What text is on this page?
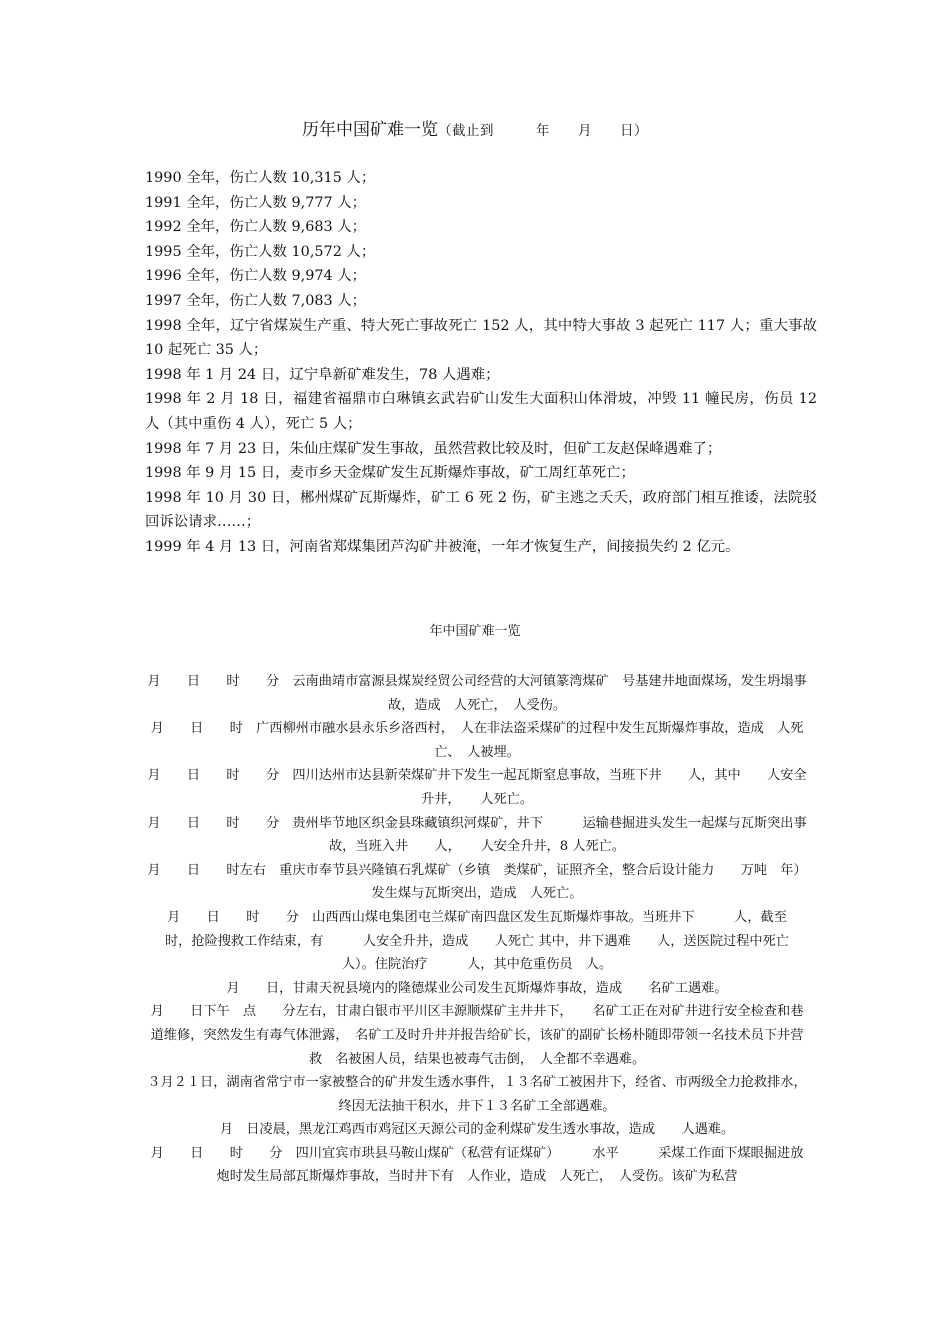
历年中国矿难一览（截止到　　　年　　月　　日）

1990 全年，伤亡人数 10,315 人；

1991 全年，伤亡人数 9,777 人；

1992 全年，伤亡人数 9,683 人；

1995 全年，伤亡人数 10,572 人；

1996 全年，伤亡人数 9,974 人；

1997 全年，伤亡人数 7,083 人；

1998 全年，辽宁省煤炭生产重、特大死亡事故死亡 152 人，其中特大事故 3 起死亡 117 人；重大事故 10 起死亡 35 人；

1998 年 1 月 24 日，辽宁阜新矿难发生，78 人遇难；

1998 年 2 月 18 日，福建省福鼎市白琳镇玄武岩矿山发生大面积山体滑坡，冲毁 11 幢民房，伤员 12 人（其中重伤 4 人），死亡 5 人；

1998 年 7 月 23 日，朱仙庄煤矿发生事故，虽然营救比较及时，但矿工友赵保峰遇难了；

1998 年 9 月 15 日，麦市乡天金煤矿发生瓦斯爆炸事故，矿工周红革死亡；

1998 年 10 月 30 日，郴州煤矿瓦斯爆炸，矿工 6 死 2 伤，矿主逃之夭夭，政府部门相互推诿，法院驳回诉讼请求……；

1999 年 4 月 13 日，河南省郑煤集团芦沟矿井被淹，一年才恢复生产，间接损失约 2 亿元。

年中国矿难一览

月　　日　　时　　分　云南曲靖市富源县煤炭经贸公司经营的大河镇篆湾煤矿　号基建井地面煤场，发生坍塌事故，造成　人死亡，　人受伤。

月　　日　　时　广西柳州市融水县永乐乡洛西村，　人在非法盗采煤矿的过程中发生瓦斯爆炸事故，造成　人死亡、　人被埋。

月　　日　　时　　分　四川达州市达县新荣煤矿井下发生一起瓦斯窒息事故，当班下井　　人，其中　　人安全升井，　　人死亡。

月　　日　　时　　分　贵州毕节地区织金县珠藏镇织河煤矿，井下　　　运输巷掘进头发生一起煤与瓦斯突出事故，当班入井　　人，　　人安全升井，8 人死亡。

月　　日　　时左右　重庆市奉节县兴隆镇石乳煤矿（乡镇　类煤矿，证照齐全，整合后设计能力　　万吨　年）发生煤与瓦斯突出，造成　人死亡。

月　　日　　时　　分　山西西山煤电集团屯兰煤矿南四盘区发生瓦斯爆炸事故。当班井下　　　人，截至　　时，抢险搜救工作结束，有　　　人安全升井，造成　　人死亡 其中，井下遇难　　人，送医院过程中死亡　　人）。住院治疗　　　人，其中危重伤员　人。

月　　日，甘肃天祝县境内的隆德煤业公司发生瓦斯爆炸事故，造成　　名矿工遇难。

月　　日下午　点　　分左右，甘肃白银市平川区丰源顺煤矿主井井下，　　名矿工正在对矿井进行安全检查和巷道维修，突然发生有毒气体泄露，　名矿工及时升井并报告给矿长，该矿的副矿长杨朴随即带领一名技术员下井营救　名被困人员，结果也被毒气击倒，　人全都不幸遇难。

３月２１日，湖南省常宁市一家被整合的矿井发生透水事件，１３名矿工被困井下，经省、市两级全力抢救排水，终因无法抽干积水，井下１３名矿工全部遇难。

月　日凌晨，黑龙江鸡西市鸡冠区天源公司的金利煤矿发生透水事故，造成　　人遇难。

月　　日　　时　　分　四川宜宾市珙县马鞍山煤矿（私营有证煤矿）　　　水平　　　采煤工作面下煤眼掘进放炮时发生局部瓦斯爆炸事故，当时井下有　人作业，造成　人死亡，　人受伤。该矿为私营
